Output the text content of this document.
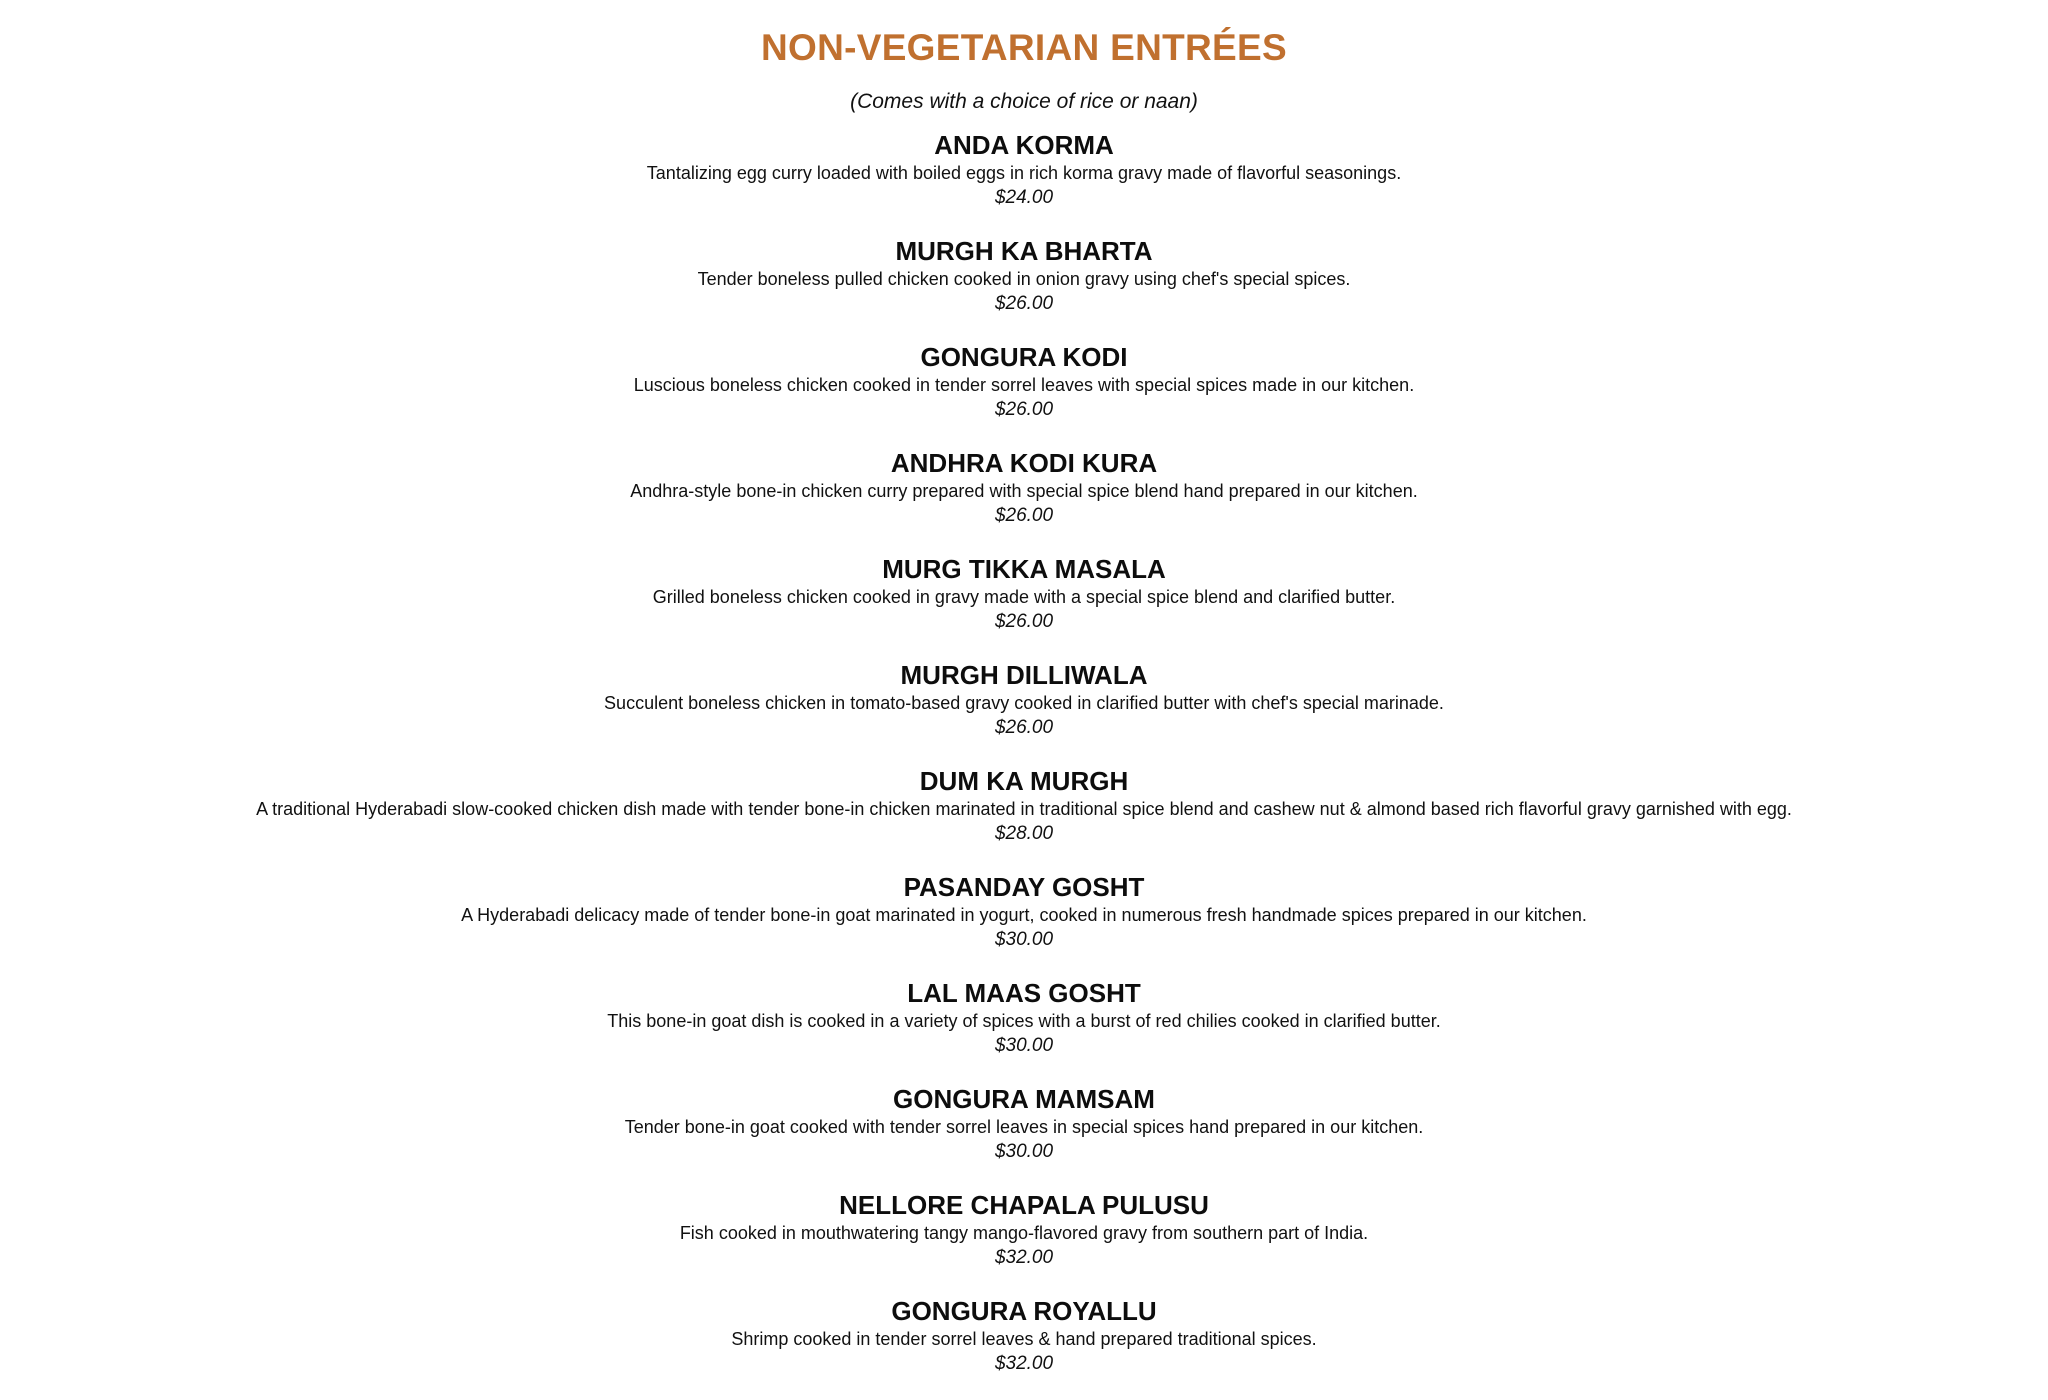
NON-VEGETARIAN ENTRÉES

(Comes with a choice of rice or naan)

ANDA KORMA
Tantalizing egg curry loaded with boiled eggs in rich korma gravy made of flavorful seasonings.
$24.00
MURGH KA BHARTA
Tender boneless pulled chicken cooked in onion gravy using chef's special spices.
$26.00
GONGURA KODI
Luscious boneless chicken cooked in tender sorrel leaves with special spices made in our kitchen.
$26.00
ANDHRA KODI KURA
Andhra-style bone-in chicken curry prepared with special spice blend hand prepared in our kitchen.
$26.00
MURG TIKKA MASALA
Grilled boneless chicken cooked in gravy made with a special spice blend and clarified butter.
$26.00
MURGH DILLIWALA
Succulent boneless chicken in tomato-based gravy cooked in clarified butter with chef's special marinade.
$26.00
DUM KA MURGH
A traditional Hyderabadi slow-cooked chicken dish made with tender bone-in chicken marinated in traditional spice blend and cashew nut & almond based rich flavorful gravy garnished with egg.
$28.00
PASANDAY GOSHT
A Hyderabadi delicacy made of tender bone-in goat marinated in yogurt, cooked in numerous fresh handmade spices prepared in our kitchen.
$30.00
LAL MAAS GOSHT
This bone-in goat dish is cooked in a variety of spices with a burst of red chilies cooked in clarified butter.
$30.00
GONGURA MAMSAM
Tender bone-in goat cooked with tender sorrel leaves in special spices hand prepared in our kitchen.
$30.00
NELLORE CHAPALA PULUSU
Fish cooked in mouthwatering tangy mango-flavored gravy from southern part of India.
$32.00
GONGURA ROYALLU
Shrimp cooked in tender sorrel leaves & hand prepared traditional spices.
$32.00
